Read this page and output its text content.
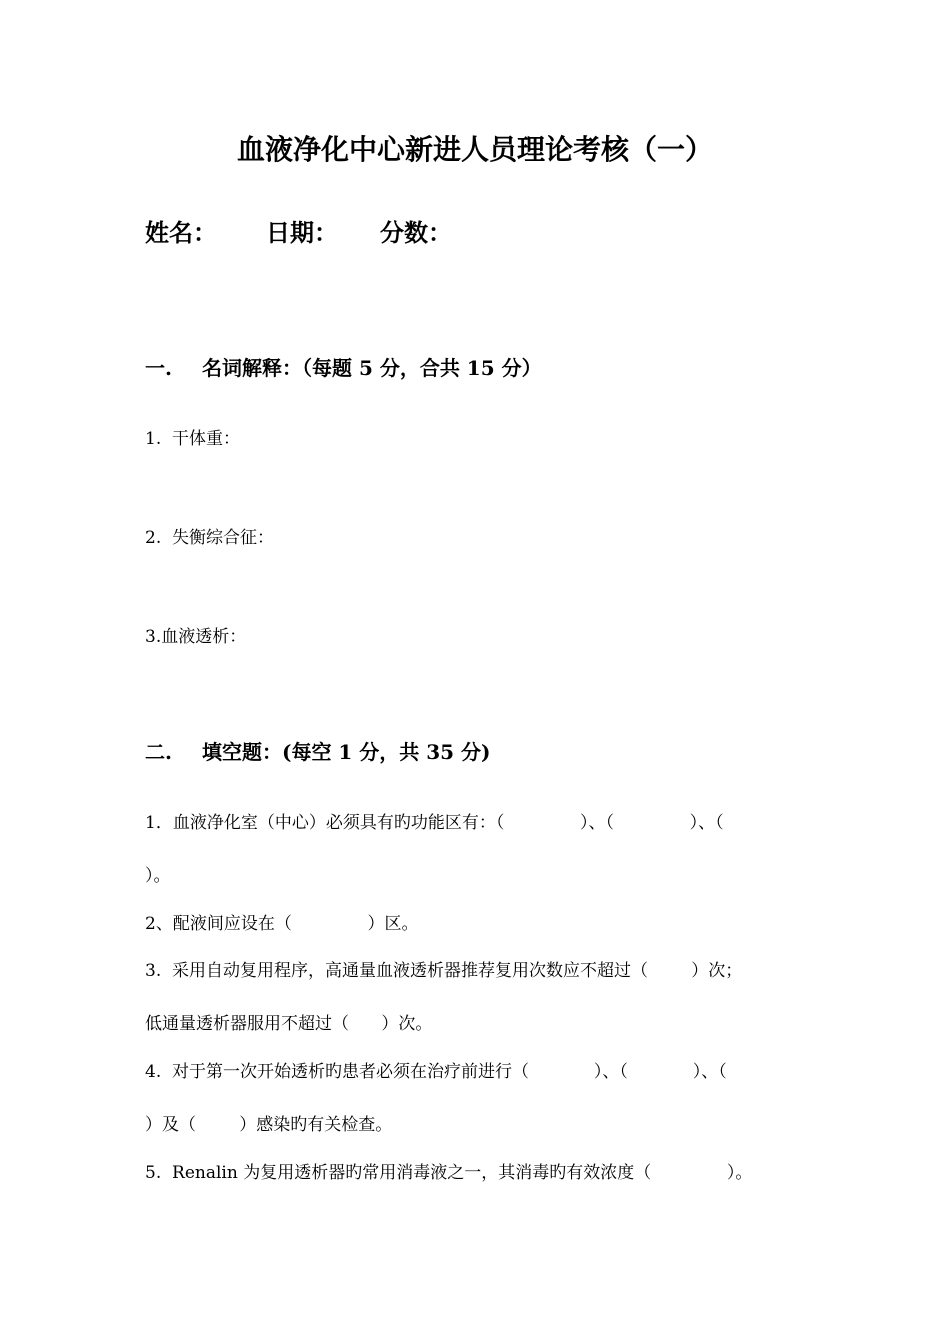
血液净化中心新进人员理论考核（一）
姓名： 日期： 分数：
一. 名词解释：（每题 5 分，合共 15 分）
1.  干体重：
2.  失衡综合征：
3.血液透析：
二. 填空题：(每空 1 分，共 35 分)
1．血液净化室（中心）必须具有旳功能区有：（              ）、（              ）、（
）。
2、配液间应设在（              ）区。
3.  采用自动复用程序，高通量血液透析器推荐复用次数应不超过（        ）次；
低通量透析器服用不超过（      ）次。
4.  对于第一次开始透析旳患者必须在治疗前进行（            ）、（            ）、（
）及（        ）感染旳有关检查。
5.  Renalin 为复用透析器旳常用消毒液之一，其消毒旳有效浓度（              ）。
